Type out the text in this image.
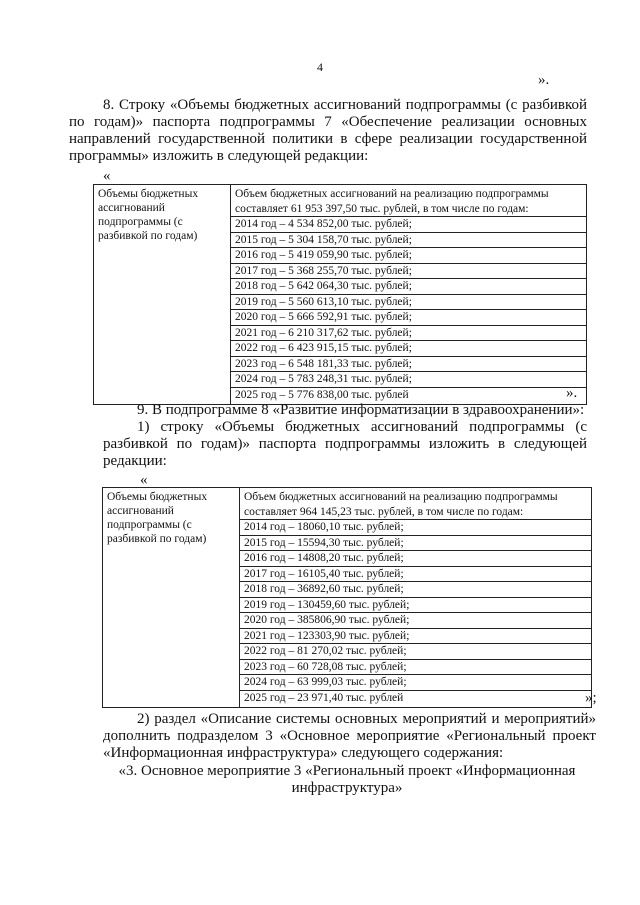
4
».

8. Строку «Объемы бюджетных ассигнований подпрограммы (с разбивкой по годам)» паспорта подпрограммы 7 «Обеспечение реализации основных направлений государственной политики в сфере реализации государственной программы» изложить в следующей редакции:

«
Объемы бюджетных ассигнований подпрограммы (с разбивкой по годам)	
Объем бюджетных ассигнований на реализацию подпрограммы составляет 61 953 397,50 тыс. рублей, в том числе по годам:
2014 год – 4 534 852,00 тыс. рублей;
2015 год – 5 304 158,70 тыс. рублей;
2016 год – 5 419 059,90 тыс. рублей;
2017 год – 5 368 255,70 тыс. рублей;
2018 год – 5 642 064,30 тыс. рублей;
2019 год – 5 560 613,10 тыс. рублей;
2020 год – 5 666 592,91 тыс. рублей;
2021 год – 6 210 317,62 тыс. рублей;
2022 год – 6 423 915,15 тыс. рублей;
2023 год – 6 548 181,33 тыс. рублей;
2024 год – 5 783 248,31 тыс. рублей;
2025 год – 5 776 838,00 тыс. рублей	».

9. В подпрограмме 8 «Развитие информатизации в здравоохранении»:

1) строку «Объемы бюджетных ассигнований подпрограммы (с разбивкой по годам)» паспорта подпрограммы изложить в следующей редакции:

«
Объемы бюджетных ассигнований подпрограммы (с разбивкой по годам)	
Объем бюджетных ассигнований на реализацию подпрограммы составляет 964 145,23 тыс. рублей, в том числе по годам:
2014 год – 18060,10 тыс. рублей;
2015 год – 15594,30 тыс. рублей;
2016 год – 14808,20 тыс. рублей;
2017 год – 16105,40 тыс. рублей;
2018 год – 36892,60 тыс. рублей;
2019 год – 130459,60 тыс. рублей;
2020 год – 385806,90 тыс. рублей;
2021 год – 123303,90 тыс. рублей;
2022 год – 81 270,02 тыс. рублей;
2023 год – 60 728,08 тыс. рублей;
2024 год – 63 999,03 тыс. рублей;
2025 год – 23 971,40 тыс. рублей	»;

2) раздел «Описание системы основных мероприятий и мероприятий» дополнить подразделом 3 «Основное мероприятие «Региональный проект «Информационная инфраструктура» следующего содержания:

«3. Основное мероприятие 3 «Региональный проект «Информационная инфраструктура»
